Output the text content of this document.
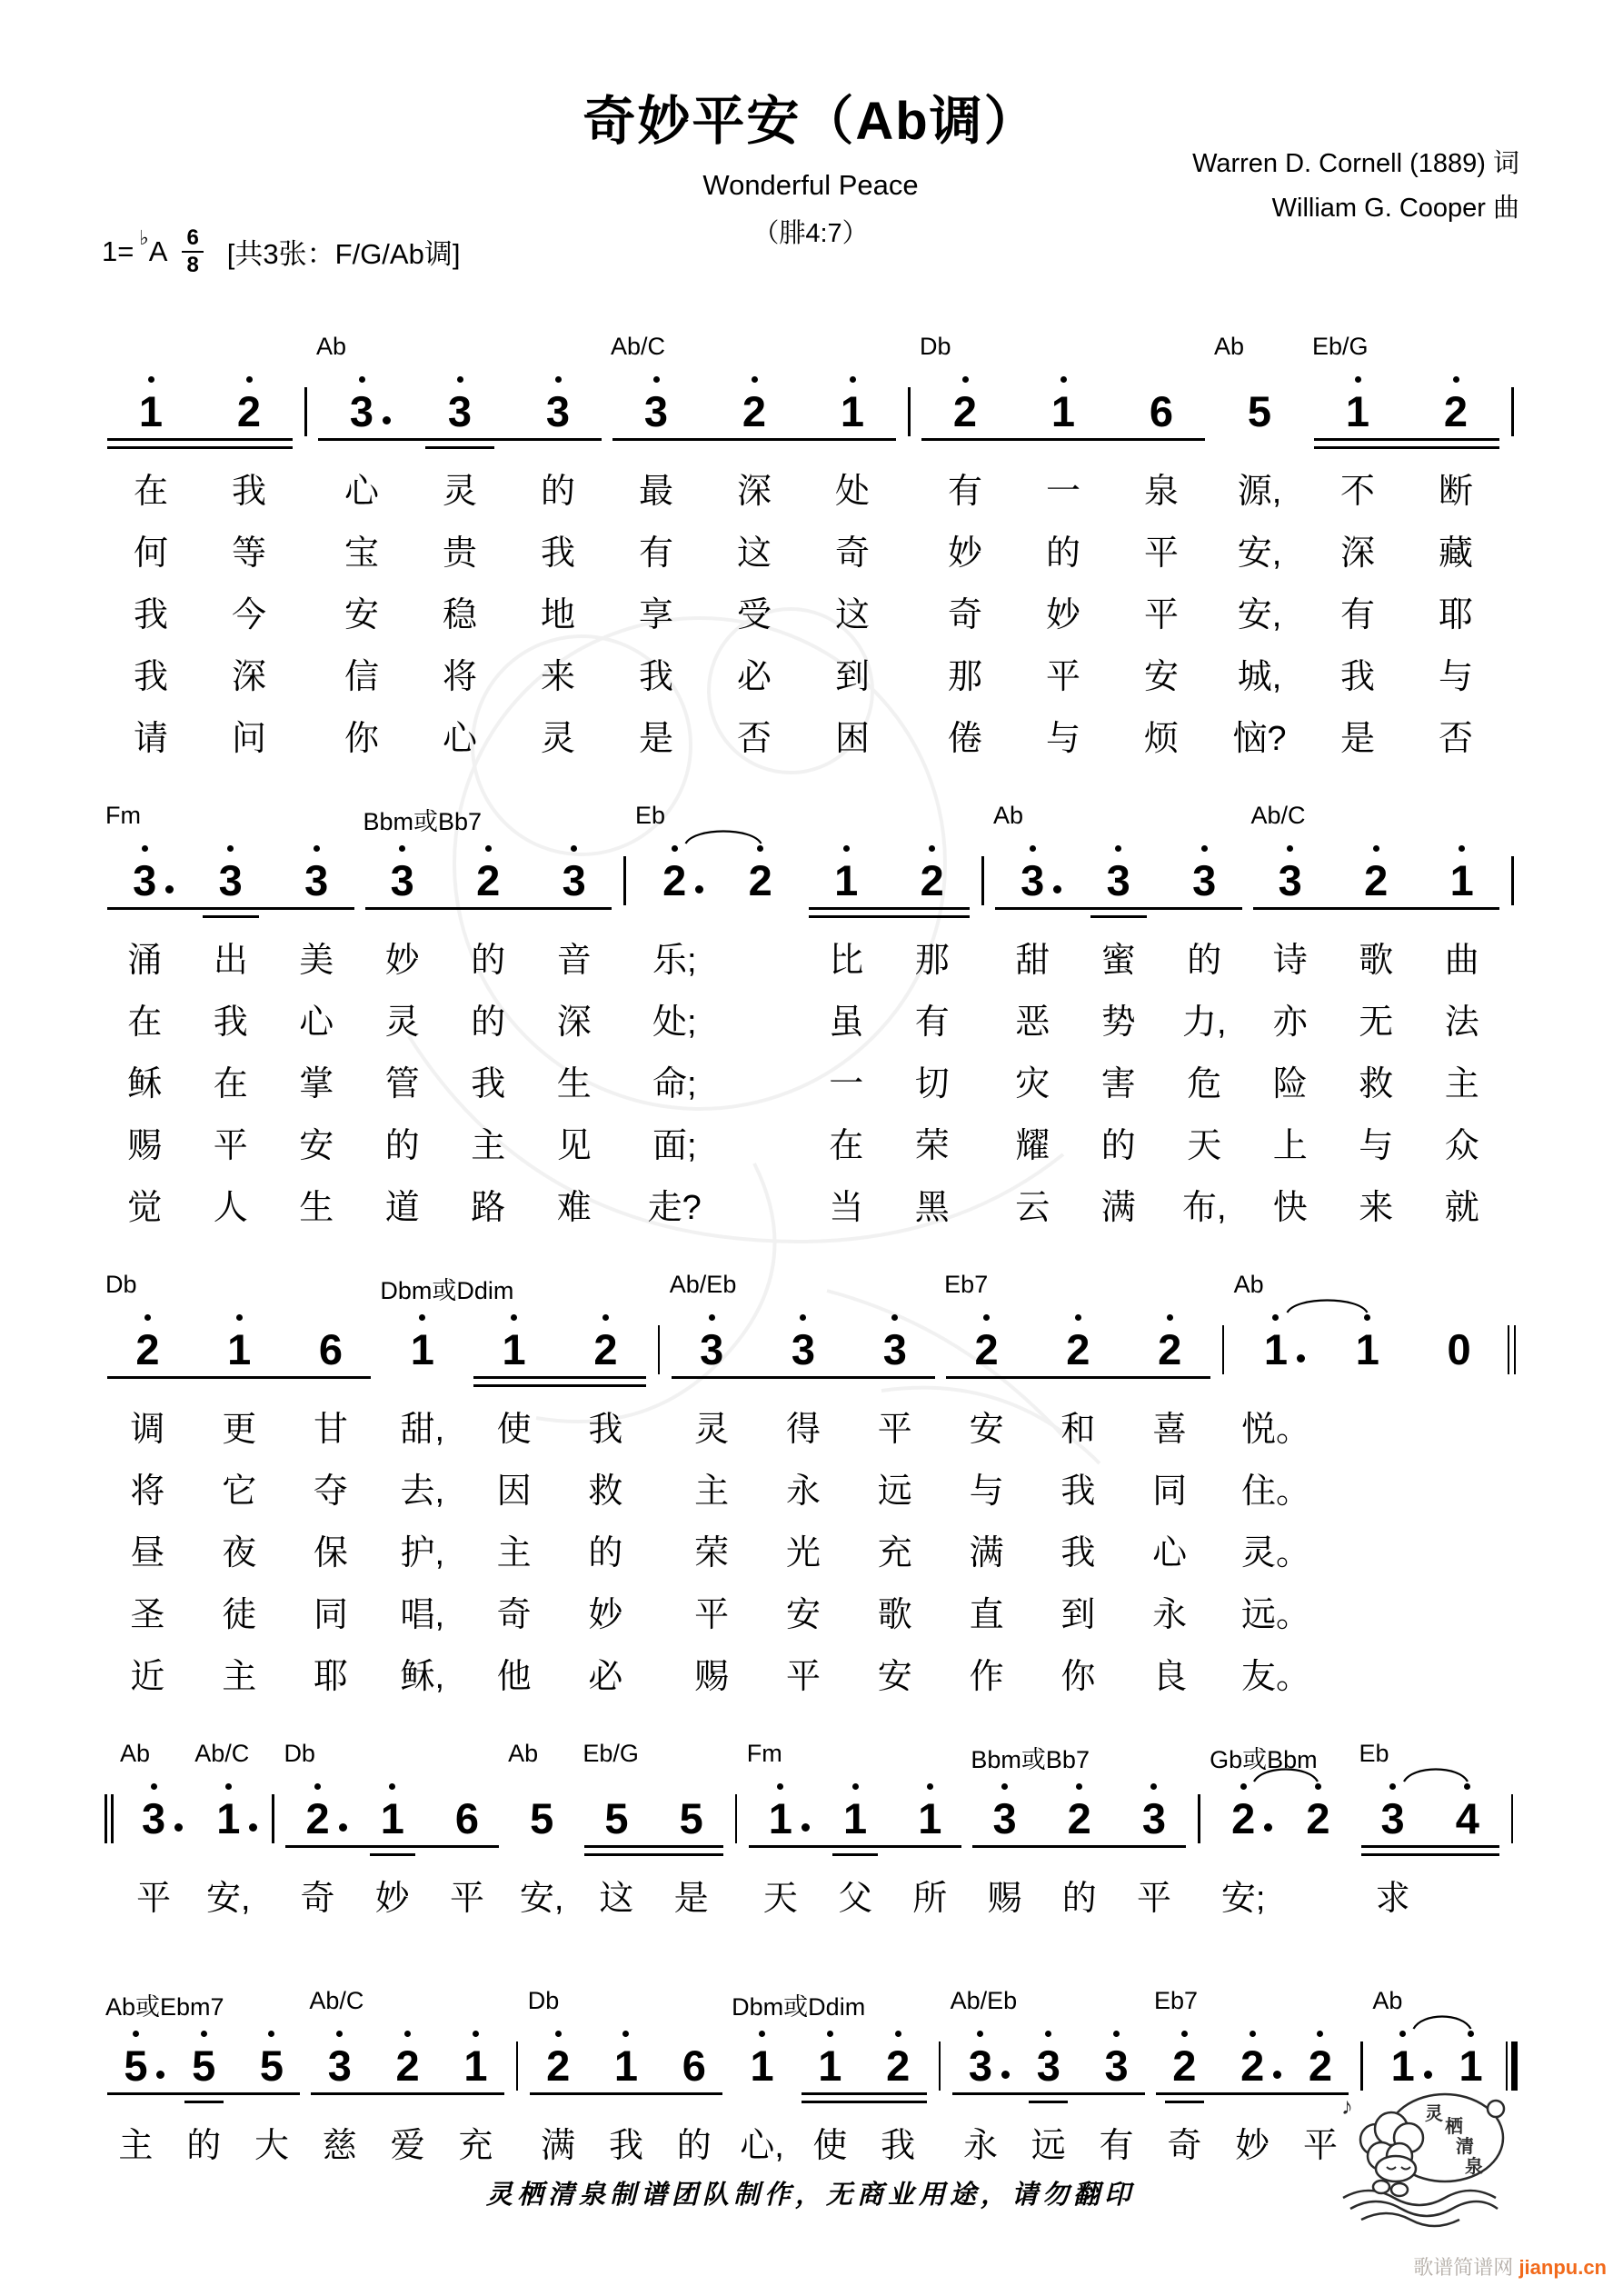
奇妙平安（Ab调）
Wonderful Peace
（腓4:7）
Warren D. Cornell (1889) 词
William G. Cooper 曲
1= ♭ A $\frac{6}{8}$ [共3张：F/G/Ab调]
1
在
何
我
我
请
2
我
等
今
深
问
Ab
3
心
宝
安
信
你
3
灵
贵
稳
将
心
3
的
我
地
来
灵
Ab/C
3
最
有
享
我
是
2
深
这
受
必
否
1
处
奇
这
到
困
Db
2
有
妙
奇
那
倦
1
一
的
妙
平
与
6
泉
平
平
安
烦
Ab
5
源,
安,
安,
城,
恼?
Eb/G
1
不
深
有
我
是
2
断
藏
耶
与
否
Fm
3
涌
在
稣
赐
觉
3
出
我
在
平
人
3
美
心
掌
安
生
Bbm或Bb7
3
妙
灵
管
的
道
2
的
的
我
主
路
3
音
深
生
见
难
Eb
2
乐;
处;
命;
面;
走?
2 1
比
虽
一
在
当
2
那
有
切
荣
黑
Ab
3
甜
恶
灾
耀
云
3
蜜
势
害
的
满
3
的
力,
危
天
布,
Ab/C
3
诗
亦
险
上
快
2
歌
无
救
与
来
1
曲
法
主
众
就
Db
2
调
将
昼
圣
近
1
更
它
夜
徒
主
6
甘
夺
保
同
耶
Dbm或Ddim
1
甜,
去,
护,
唱,
稣,
1
使
因
主
奇
他
2
我
救
的
妙
必
Ab/Eb
3
灵
主
荣
平
赐
3
得
永
光
安
平
3
平
远
充
歌
安
Eb7
2
安
与
满
直
作
2
和
我
我
到
你
2
喜
同
心
永
良
Ab
1
悦。
住。
灵。
远。
友。
1 0
Ab
3
平
Ab/C
1
安,
Db
2
奇
1
妙
6
平
Ab
5
安,
Eb/G
5
这
5
是
Fm
1
天
1
父
1
所
Bbm或Bb7
3
赐
2
的
3
平
Gb或Bbm
2
安;
2
Eb
3
求
4
Ab或Ebm7
5
主
5
的
5
大
Ab/C
3
慈
2
爱
1
充
Db
2
满
1
我
6
的
Dbm或Ddim
1
心,
1
使
2
我
Ab/Eb
3
永
3
远
3
有
Eb7
2
奇
2
妙
2
平
Ab
1 1
灵栖清泉制谱团队制作，无商业用途，请勿翻印
♪	灵
栖
清
泉
歌谱简谱网 jianpu.cn
